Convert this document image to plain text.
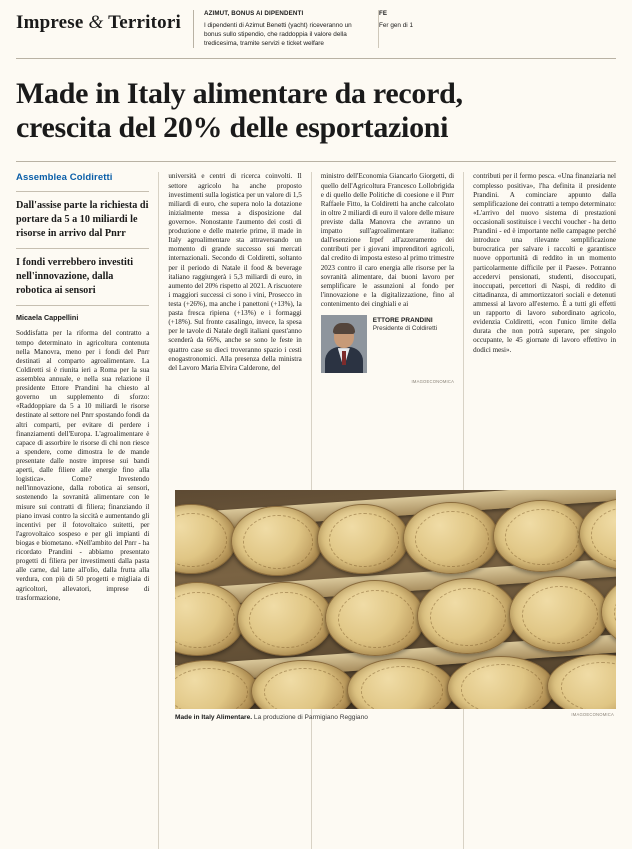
Imprese & Territori	AZIMUT, BONUS AI DIPENDENTI
I dipendenti di Azimut Benetti (yacht) riceveranno un bonus sullo stipendio, che raddoppia il valore della tredicesima, tramite servizi e ticket welfare
FE
Fer gen di 1
Made in Italy alimentare da record,
crescita del 20% delle esportazioni
Assemblea Coldiretti
Dall'assise parte la richiesta di portare da 5 a 10 miliardi le risorse in arrivo dal Pnrr
I fondi verrebbero investiti nell'innovazione, dalla robotica ai sensori
Micaela Cappellini

Soddisfatta per la riforma del contratto a tempo determinato in agricoltura contenuta nella Manovra, meno per i fondi del Pnrr destinati al comparto agroalimentare. La Coldiretti si è riunita ieri a Roma per la sua assemblea annuale, e nella sua relazione il presidente Ettore Prandini ha chiesto al governo un supplemento di sforzo: «Raddoppiare da 5 a 10 miliardi le risorse destinate al settore nel Pnrr spostando fondi da altri comparti, per evitare di perdere i finanziamenti dell'Europa. L'agroalimentare è capace di assorbire le risorse di chi non riesce a spendere, come dimostra le de mande presentate dalle nostre imprese sui bandi aperti, dalle filiere alle energie fino alla logistica». Come? Investendo nell'innovazione, dalla robotica ai sensori, sostenendo la sovranità alimentare con le misure sui contratti di filiera; finanziando il piano invasi contro la siccità e aumentando gli incentivi per il fotovoltaico suitetti, per l'agrovoltaico sospeso e per gli impianti di biogas e biometano. «Nell'ambito del Pnrr - ha ricordato Prandini - abbiamo presentato progetti di filiera per investimenti dalla pasta alle carne, dal latte all'olio, dalla frutta alla verdura, con più di 50 progetti e migliaia di agricoltori, allevatori, imprese di trasformazione,

università e centri di ricerca coinvolti. Il settore agricolo ha anche proposto investimenti sulla logistica per un valore di 1,5 miliardi di euro, che supera nolo la dotazione inizialmente messa a disposizione dal governo». Nonostante l'aumento dei costi di produzione e delle materie prime, il made in Italy agroalimentare sta attraversando un momento di grande successo sui mercati internazionali. Secondo di Coldiretti, soltanto per il periodo di Natale il food & beverage italiano raggiungerà i 5,3 miliardi di euro, in aumento del 20% rispetto al 2021. A riscuotere i maggiori successi ci sono i vini, Prosecco in testa (+26%), ma anche i panettoni (+13%), la pasta fresca ripiena (+13%) e i formaggi (+18%). Sul fronte casalingo, invece, la spesa per le tavole di Natale degli italiani quest'anno scenderà da 66%, anche se sono le feste in quattro case su dieci troveranno spazio i cesti enogastronomici. Alla presenza della ministra del Lavoro Maria Elvira Calderone, del

ministro dell'Economia Giancarlo Giorgetti, di quello dell'Agricoltura Francesco Lollobrigida e di quello delle Politiche di coesione e il Pnrr Raffaele Fitto, la Coldiretti ha anche calcolato in oltre 2 miliardi di euro il valore delle misure previste dalla Manovra che avranno un impatto sull'agroalimentare italiano: dall'esenzione Irpef all'azzeramento dei contributi per i giovani imprenditori agricoli, dal credito di imposta esteso al primo trimestre 2023 contro il caro energia alle risorse per la sovranità alimentare, dai buoni lavoro per semplificare le assunzioni al fondo per l'innovazione e la digitalizzazione, fino al contenimento dei cinghiali e ai

ETTORE PRANDINI
Presidente di Coldiretti
IMAGOECONOMICA

contributi per il fermo pesca. «Una finanziaria nel complesso positiva», l'ha definita il presidente Prandini. A cominciare appunto dalla semplificazione dei contratti a tempo determinato: «L'arrivo del nuovo sistema di prestazioni occasionali sostituisce i vecchi voucher - ha detto Prandini - ed è importante nelle campagne perché introduce una rilevante semplificazione burocratica per salvare i raccolti e garantisce nuove opportunità di reddito in un momento particolarmente difficile per il Paese». Potranno accedervi pensionati, studenti, disoccupati, inoccupati, percettori di Naspi, di reddito di cittadinanza, di ammortizzatori sociali e detenuti ammessi al lavoro all'esterno. È a tutti gli effetti un rapporto di lavoro subordinato agricolo, evidenzia Coldiretti, «con l'unico limite della durata che non potrà superare, per singolo occupante, le 45 giornate di lavoro effettivo in dodici mesi».

IMAGOECONOMICA
Made in Italy Alimentare. La produzione di Parmigiano Reggiano
